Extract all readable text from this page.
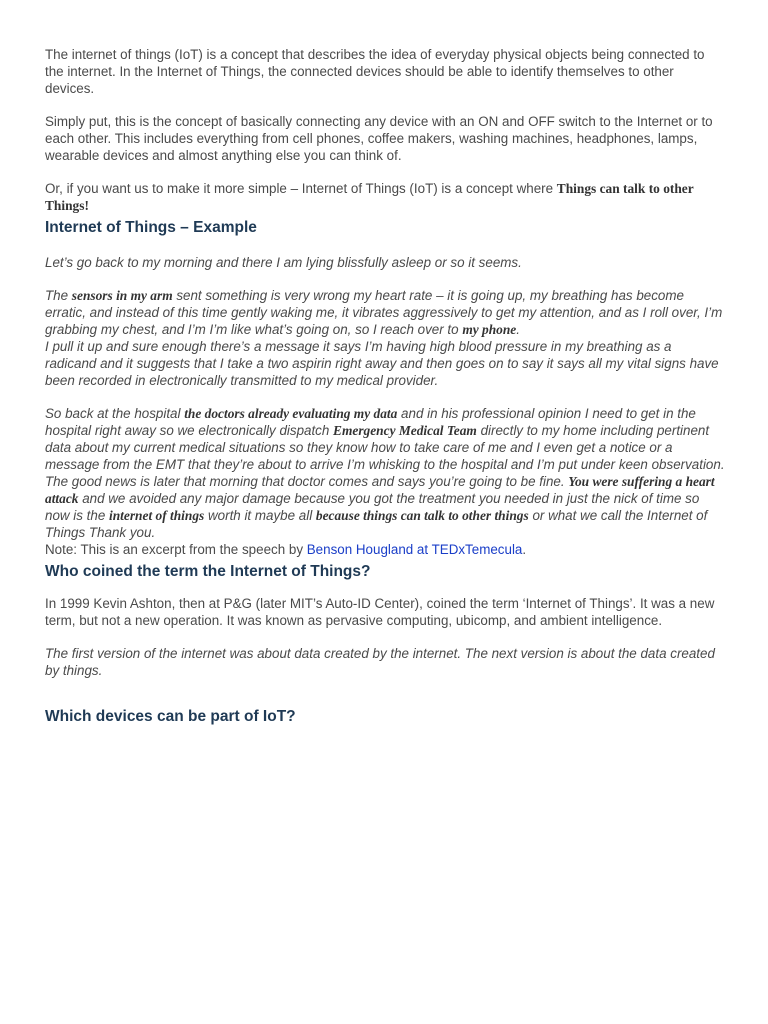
The internet of things (IoT) is a concept that describes the idea of everyday physical objects being connected to the internet. In the Internet of Things, the connected devices should be able to identify themselves to other devices.

Simply put, this is the concept of basically connecting any device with an ON and OFF switch to the Internet or to each other. This includes everything from cell phones, coffee makers, washing machines, headphones, lamps, wearable devices and almost anything else you can think of.

Or, if you want us to make it more simple – Internet of Things (IoT) is a concept where Things can talk to other Things!

Internet of Things – Example

Let’s go back to my morning and there I am lying blissfully asleep or so it seems.

The sensors in my arm sent something is very wrong my heart rate – it is going up, my breathing has become erratic, and instead of this time gently waking me, it vibrates aggressively to get my attention, and as I roll over, I’m grabbing my chest, and I’m I’m like what’s going on, so I reach over to my phone.

I pull it up and sure enough there’s a message it says I’m having high blood pressure in my breathing as a radicand and it suggests that I take a two aspirin right away and then goes on to say it says all my vital signs have been recorded in electronically transmitted to my medical provider.

So back at the hospital the doctors already evaluating my data and in his professional opinion I need to get in the hospital right away so we electronically dispatch Emergency Medical Team directly to my home including pertinent data about my current medical situations so they know how to take care of me and I even get a notice or a message from the EMT that they’re about to arrive I’m whisking to the hospital and I’m put under keen observation.

The good news is later that morning that doctor comes and says you’re going to be fine. You were suffering a heart attack and we avoided any major damage because you got the treatment you needed in just the nick of time so now is the internet of things worth it maybe all because things can talk to other things or what we call the Internet of Things Thank you.

Note: This is an excerpt from the speech by Benson Hougland at TEDxTemecula.

Who coined the term the Internet of Things?

In 1999 Kevin Ashton, then at P&G (later MIT’s Auto-ID Center), coined the term ‘Internet of Things’. It was a new term, but not a new operation. It was known as pervasive computing, ubicomp, and ambient intelligence.

The first version of the internet was about data created by the internet. The next version is about the data created by things.

Which devices can be part of IoT?
